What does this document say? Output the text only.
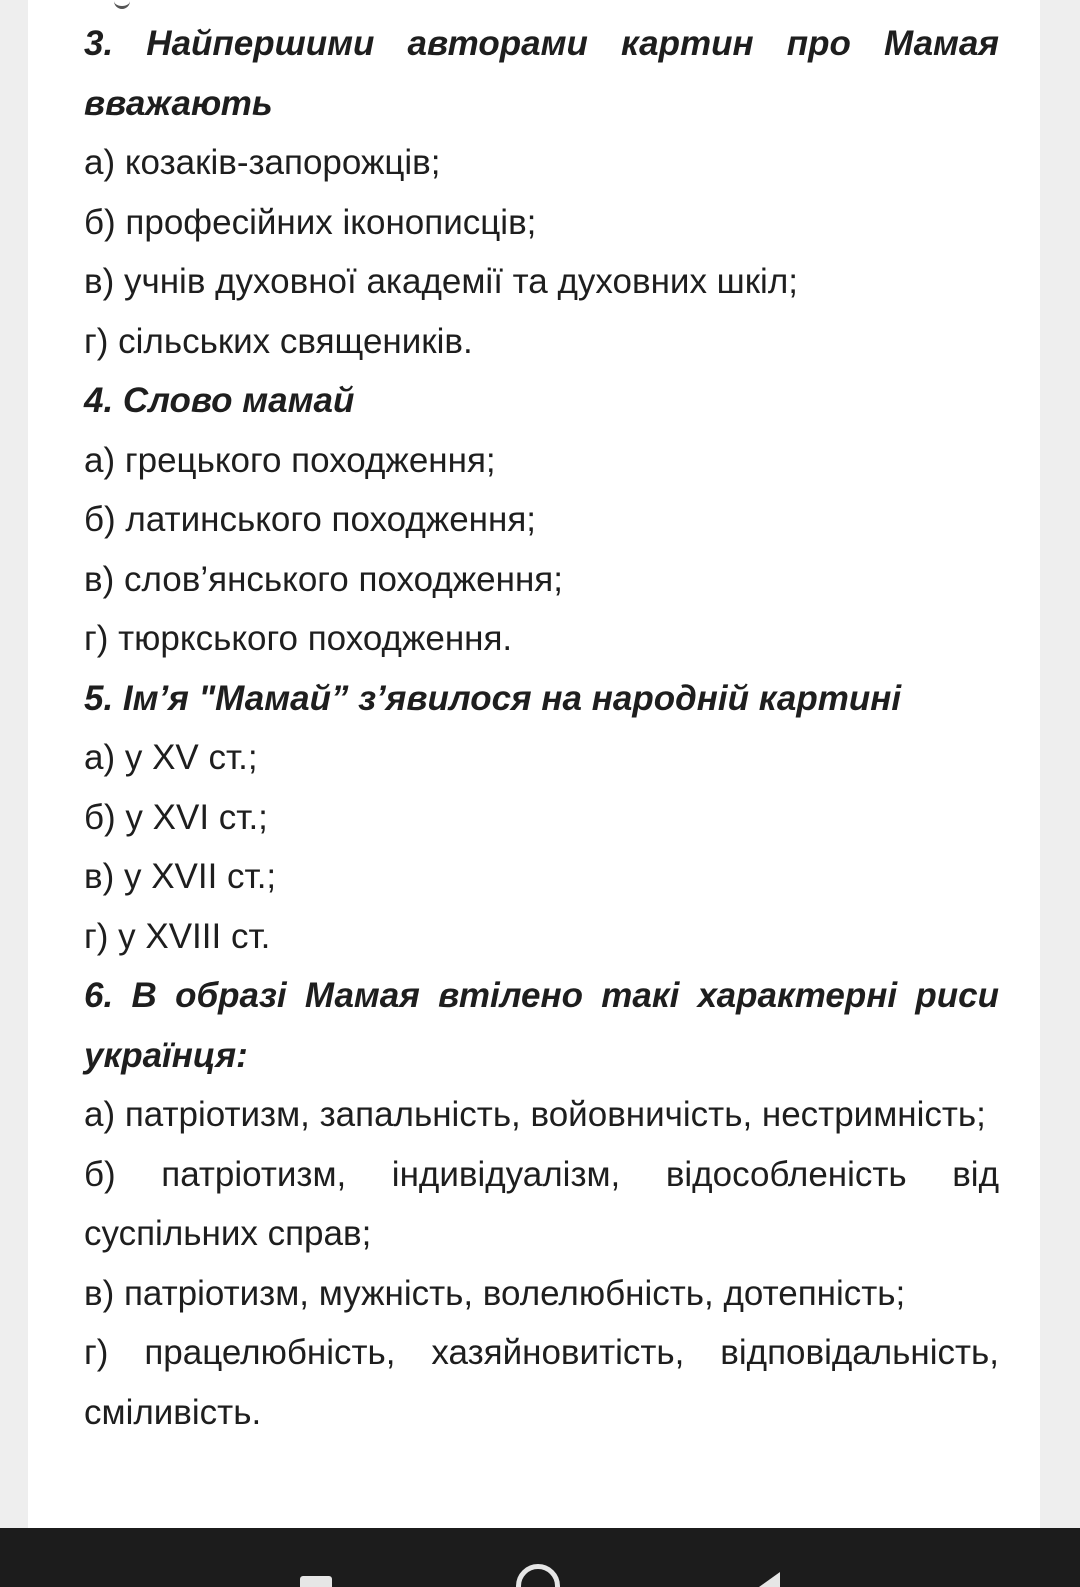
3. Найпершими авторами картин про Мамая вважають

а) козаків-запорожців;

б) професійних іконописців;

в) учнів духовної академії та духовних шкіл;

г) сільських священиків.

4. Слово мамай

а) грецького походження;

б) латинського походження;

в) слов’янського походження;

г) тюркського походження.

5. Ім’я "Мамай” з’явилося на народній картині

а) у XV ст.;

б) у XVI ст.;

в) у XVII ст.;

г) у XVIII ст.

6. В образі Мамая втілено такі характерні риси українця:

а) патріотизм, запальність, войовничість, нестримність;

б) патріотизм, індивідуалізм, відособленість від суспільних справ;

в) патріотизм, мужність, волелюбність, дотепність;

г) працелюбність, хазяйновитість, відповідальність, сміливість.
